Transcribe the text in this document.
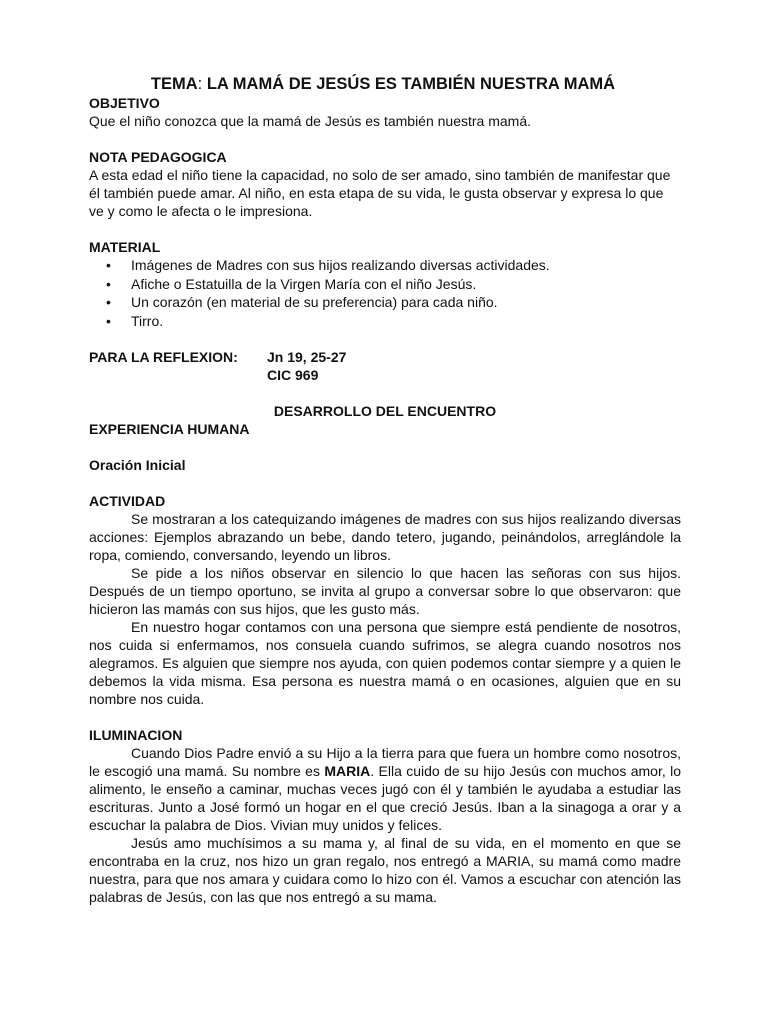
TEMA: LA MAMÁ DE JESÚS ES TAMBIÉN NUESTRA MAMÁ
OBJETIVO

Que el niño conozca que la mamá de Jesús es también nuestra mamá.

NOTA PEDAGOGICA

A esta edad el niño tiene la capacidad, no solo de ser amado, sino también de manifestar que él también puede amar. Al niño, en esta etapa de su vida, le gusta observar y expresa lo que ve y como le afecta o le impresiona.

MATERIAL
• Imágenes de Madres con sus hijos realizando diversas actividades.
• Afiche o Estatuilla de la Virgen María con el niño Jesús.
• Un corazón (en material de su preferencia) para cada niño.
• Tirro.
PARA LA REFLEXION:	Jn 19, 25-27
CIC 969
DESARROLLO DEL ENCUENTRO
EXPERIENCIA HUMANA
Oración Inicial
ACTIVIDAD

Se mostraran a los catequizando imágenes de madres con sus hijos realizando diversas acciones: Ejemplos abrazando un bebe, dando tetero, jugando, peinándolos, arreglándole la ropa, comiendo, conversando, leyendo un libros.

Se pide a los niños observar en silencio lo que hacen las señoras con sus hijos. Después de un tiempo oportuno, se invita al grupo a conversar sobre lo que observaron: que hicieron las mamás con sus hijos, que les gusto más.

En nuestro hogar contamos con una persona que siempre está pendiente de nosotros, nos cuida si enfermamos, nos consuela cuando sufrimos, se alegra cuando nosotros nos alegramos. Es alguien que siempre nos ayuda, con quien podemos contar siempre y a quien le debemos la vida misma. Esa persona es nuestra mamá o en ocasiones, alguien que en su nombre nos cuida.

ILUMINACION

Cuando Dios Padre envió a su Hijo a la tierra para que fuera un hombre como nosotros, le escogió una mamá. Su nombre es MARIA. Ella cuido de su hijo Jesús con muchos amor, lo alimento, le enseño a caminar, muchas veces jugó con él y también le ayudaba a estudiar las escrituras. Junto a José formó un hogar en el que creció Jesús. Iban a la sinagoga a orar y a escuchar la palabra de Dios. Vivian muy unidos y felices.

Jesús amo muchísimos a su mama y, al final de su vida, en el momento en que se encontraba en la cruz, nos hizo un gran regalo, nos entregó a MARIA, su mamá como madre nuestra, para que nos amara y cuidara como lo hizo con él. Vamos a escuchar con atención las palabras de Jesús, con las que nos entregó a su mama.
